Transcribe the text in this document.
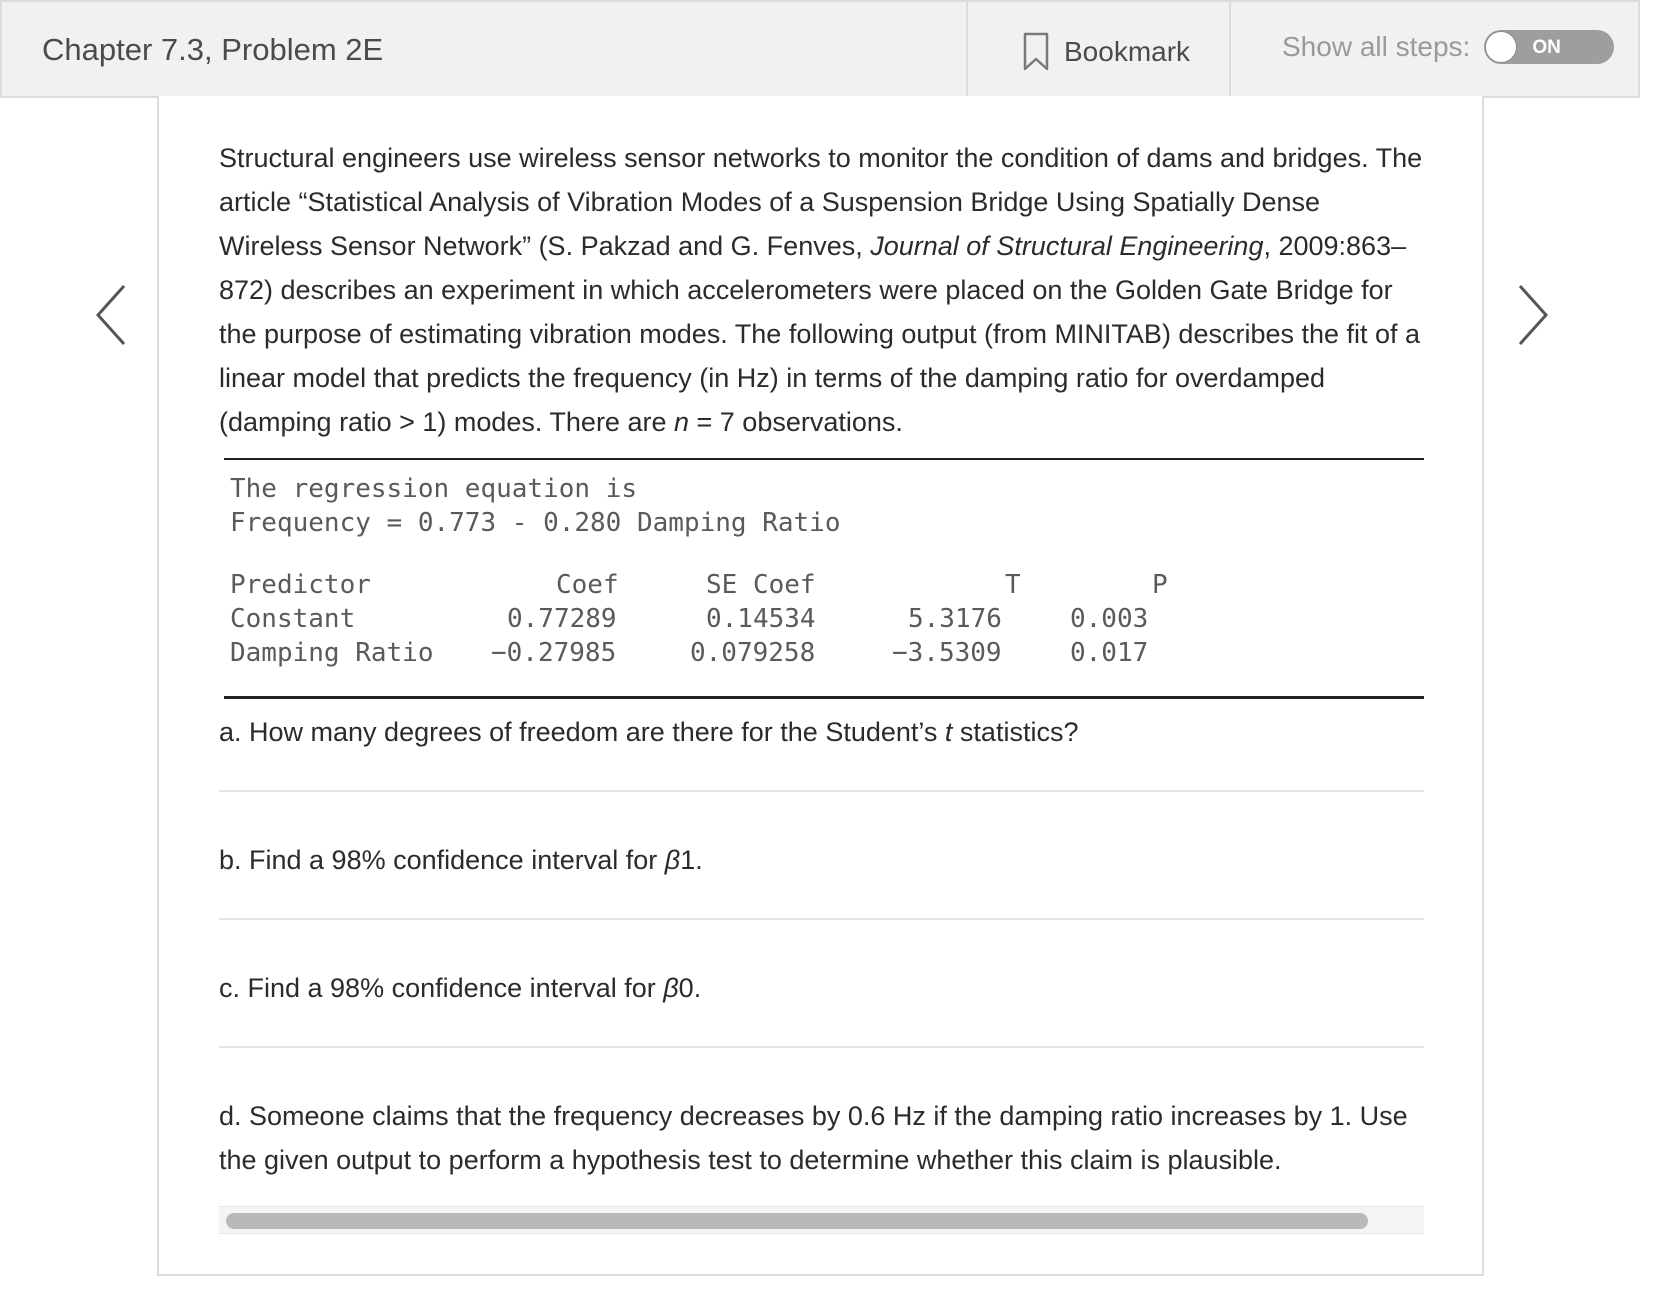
Chapter 7.3, Problem 2E	Bookmark	Show all steps:	ON

Structural engineers use wireless sensor networks to monitor the condition of dams and bridges. The article “Statistical Analysis of Vibration Modes of a Suspension Bridge Using Spatially Dense Wireless Sensor Network” (S. Pakzad and G. Fenves, Journal of Structural Engineering, 2009:863–872) describes an experiment in which accelerometers were placed on the Golden Gate Bridge for the purpose of estimating vibration modes. The following output (from MINITAB) describes the fit of a linear model that predicts the frequency (in Hz) in terms of the damping ratio for overdamped (damping ratio > 1) modes. There are n = 7 observations.

The regression equation is
Frequency = 0.773 - 0.280 Damping Ratio
Predictor	Coef	SE Coef	T	P
Constant	0.77289	0.14534	5.3176	0.003
Damping Ratio −0.27985	0.079258	−3.5309	0.017
a. How many degrees of freedom are there for the Student’s t statistics?
b. Find a 98% confidence interval for β1.
c. Find a 98% confidence interval for β0.
d. Someone claims that the frequency decreases by 0.6 Hz if the damping ratio increases by 1. Use the given output to perform a hypothesis test to determine whether this claim is plausible.
